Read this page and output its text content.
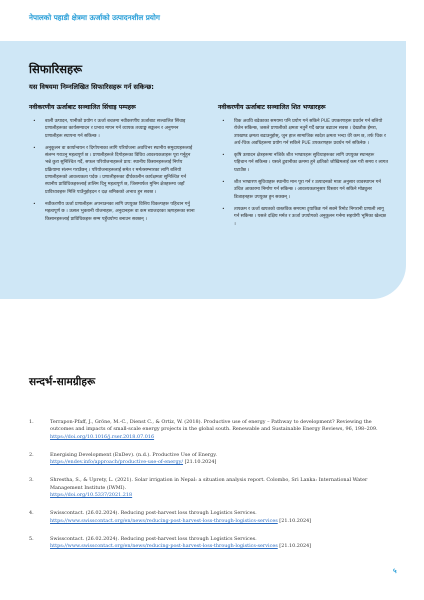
नेपालको पहाडी क्षेत्रमा ऊर्जाको उत्पादनशील प्रयोग
सिफारिसहरू
यस विषयमा निम्नलिखित सिफारिसहरू गर्न सकिन्छ:
नवीकरणीय ऊर्जाबाट सञ्चालित सिंचाइ पम्पहरू
• बालीे उत्पादन, पानीको प्रयोग र ऊर्जा बचतमा नवीकरणीय ऊर्जाबाट सञ्चालित सिंचाइ प्रणालीहरूका कार्यसम्पादन र प्रभाव मापन गर्न व्यापक तथ्याङ्क सङ्कलन र अनुगमन प्रणालीहरू स्थापना गर्न सकिन्छ ।
• अनुकूलन वा कार्यान्वयन र दिगोपनाका लागि परियोजना अवधिभर स्थानीय समुदायहरूलाई संलग्न गराउनु महत्वपूर्ण छ । प्रणालीहरूले दिगोहरूका विविध आवश्यकताहरू पूरा गर्नुहुन भन्ने कुरा सुनिश्चित गर्दै, सफल परियोजनाहरूले प्राय: स्थानीय किसानहरूलाई निर्णय प्रक्रियामा संलग्न गराउँछन् । परियोजनाहरूलाई समेत र मर्मतसम्भारका लागि बलियो प्रणालीहरूको आवश्यकता पर्दछ । प्रणालीहरूका दीर्घकालीन कार्यक्षमता सुनिश्चित गर्न स्थानीय प्राविधिकहरूलाई तालिम दिनु महत्वपूर्ण छ, जिसमार्फत मुनिम क्षेत्रहरूमा जहाँ प्राविध्यक्हरू मिलि पाउँनुहोइदन र दक्ष श्रमिकको अभाव हुन सक्छ ।
• नवीकरणीय ऊर्जा प्रणालीहरू अपनाउनका लागि उपयुक्त वित्तिय विकल्पहरू पहिचान गर्नु महत्वपूर्ण छ । ऊसल भुक्तानी योजनाहरू, अनुदानहरू वा कम ब्याजदरका ऋणहरूका साना किसानहरूलाई प्राविधिकहरू सम्म पहुँचयोग्य बनाउन सक्छन् ।
नवीकरणीय ऊर्जाबाट सञ्चालित शित भण्डारहरू
• विक अवधि बढेकाका समयमा पनि प्रयोग गर्न सकिने PUE उपकरणहरू प्रवर्धन गर्न बलियो रोजेन सकिन्छ, जसले प्रणालीको क्षमता नतुर्ने गर्दै खपत बढाउन सक्छ । देखतौक ईमरा, उपखण्ड क्षमता बढाउनुहोस्, जुन हाल सामाजिक स्वदेश क्षमता भन्दा धेरै कम छ, तर्फ थिक र अर्थ-थिक अवधिहरूमा प्रयोग गर्न सकिने PUE उपकरणहरू प्रवर्धन गर्न सकिनेछ ।
• कृषि उत्पादन क्षेत्रहरूमा नजिकै शीत भण्डारहरू सुविधाहरूका लागि उपयुक्त स्थानहरू पहिचान गर्न सकिन्छ । यसले ढुवानीका क्रममा हुने क्षतिको जोखिमलाई कम गरी समय र लागत घटाउँछ ।
• शीत भण्डारण सुविधाहरू स्थानीय मान पूरा गर्न र उत्पादनको मात्रा अनुसार व्यवस्थापन गर्न उचित आकारमा निर्माण गर्न सकिन्छ । आवश्यकतानुसार विस्तार गर्न सकिने मोड्युलर डिजाइनहरू उपयुक्त हुन सक्छन् ।
• तापक्रम र ऊर्जा खपतको वास्तविक समयमा ट्र्याकिङ गर्न सक्ने रिमोट निगरानी प्रणाली लागू गर्न सकिन्छ । यसले दक्षिय मर्मत र ऊर्जा उपयोगको अनुकूलन गर्नमा सहयोगी भूमिका खेल्दछ ।
सन्दर्भ-सामग्रीहरू
1.	Terrapon-Pfaff, J., Gröne, M.-C., Dienst C., & Ortiz, W. (2018). Productive use of energy – Pathway to development? Reviewing the outcomes and impacts of small-scale energy projects in the global south. Renewable and Sustainable Energy Reviews, 96, 198–209.
https://doi.org/10.1016/j.rser.2018.07.016
2.	Energising Development (EnDev). (n.d.). Productive Use of Energy.
https://endev.info/approach/productive-use-of-energy/ [21.10.2024]
3.	Shrestha, S., & Uprety, L. (2021). Solar irrigation in Nepal: a situation analysis report. Colombo, Sri Lanka: International Water Management Institute (IWMI).
https://doi.org/10.5337/2021.218
4.	Swisscontact. (26.02.2024). Reducing post-harvest loss through Logistics Services.
https://www.swisscontact.org/en/news/reducing-post-harvest-loss-through-logistics-services [21.10.2024]
5.	Swisscontact. (26.02.2024). Reducing post-harvest loss through Logistics Services.
https://www.swisscontact.org/en/news/reducing-post-harvest-loss-through-logistics-services [21.10.2024]
५
